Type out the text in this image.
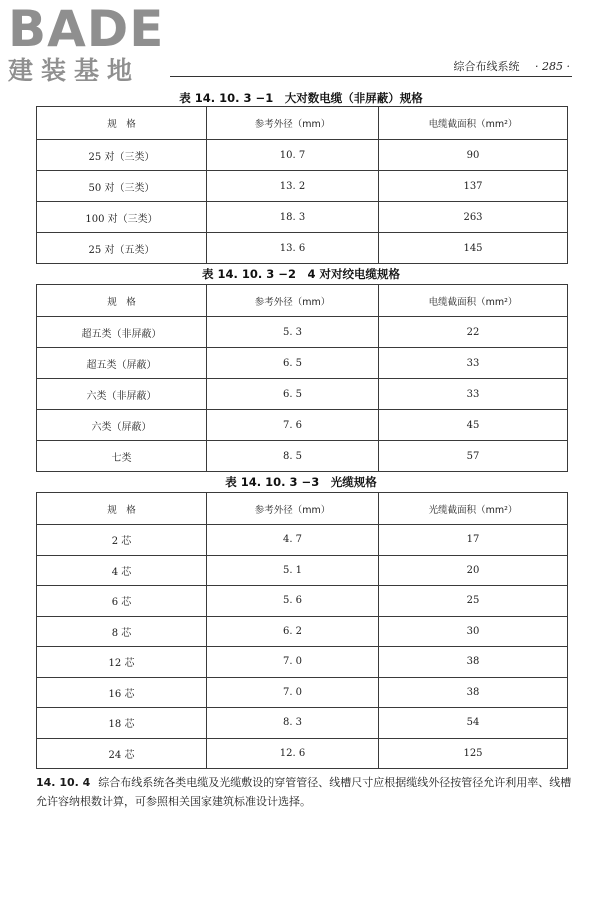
BADE
建装基地	综合布线系统 · 285 ·
表 14. 10. 3 −1　大对数电缆（非屏蔽）规格
规　格	参考外径（mm）	电缆截面积（mm²）
25 对（三类）	10. 7	90
50 对（三类）	13. 2	137
100 对（三类）	18. 3	263
25 对（五类）	13. 6	145
表 14. 10. 3 −2　4 对对绞电缆规格
规　格	参考外径（mm）	电缆截面积（mm²）
超五类（非屏蔽）	5. 3	22
超五类（屏蔽）	6. 5	33
六类（非屏蔽）	6. 5	33
六类（屏蔽）	7. 6	45
七类	8. 5	57
表 14. 10. 3 −3　光缆规格
规　格	参考外径（mm）	光缆截面积（mm²）
2 芯	4. 7	17
4 芯	5. 1	20
6 芯	5. 6	25
8 芯	6. 2	30
12 芯	7. 0	38
16 芯	7. 0	38
18 芯	8. 3	54
24 芯	12. 6	125
14. 10. 4 综合布线系统各类电缆及光缆敷设的穿管管径、线槽尺寸应根据缆线外径按管径允许利用率、线槽允许容纳根数计算，可参照相关国家建筑标准设计选择。
